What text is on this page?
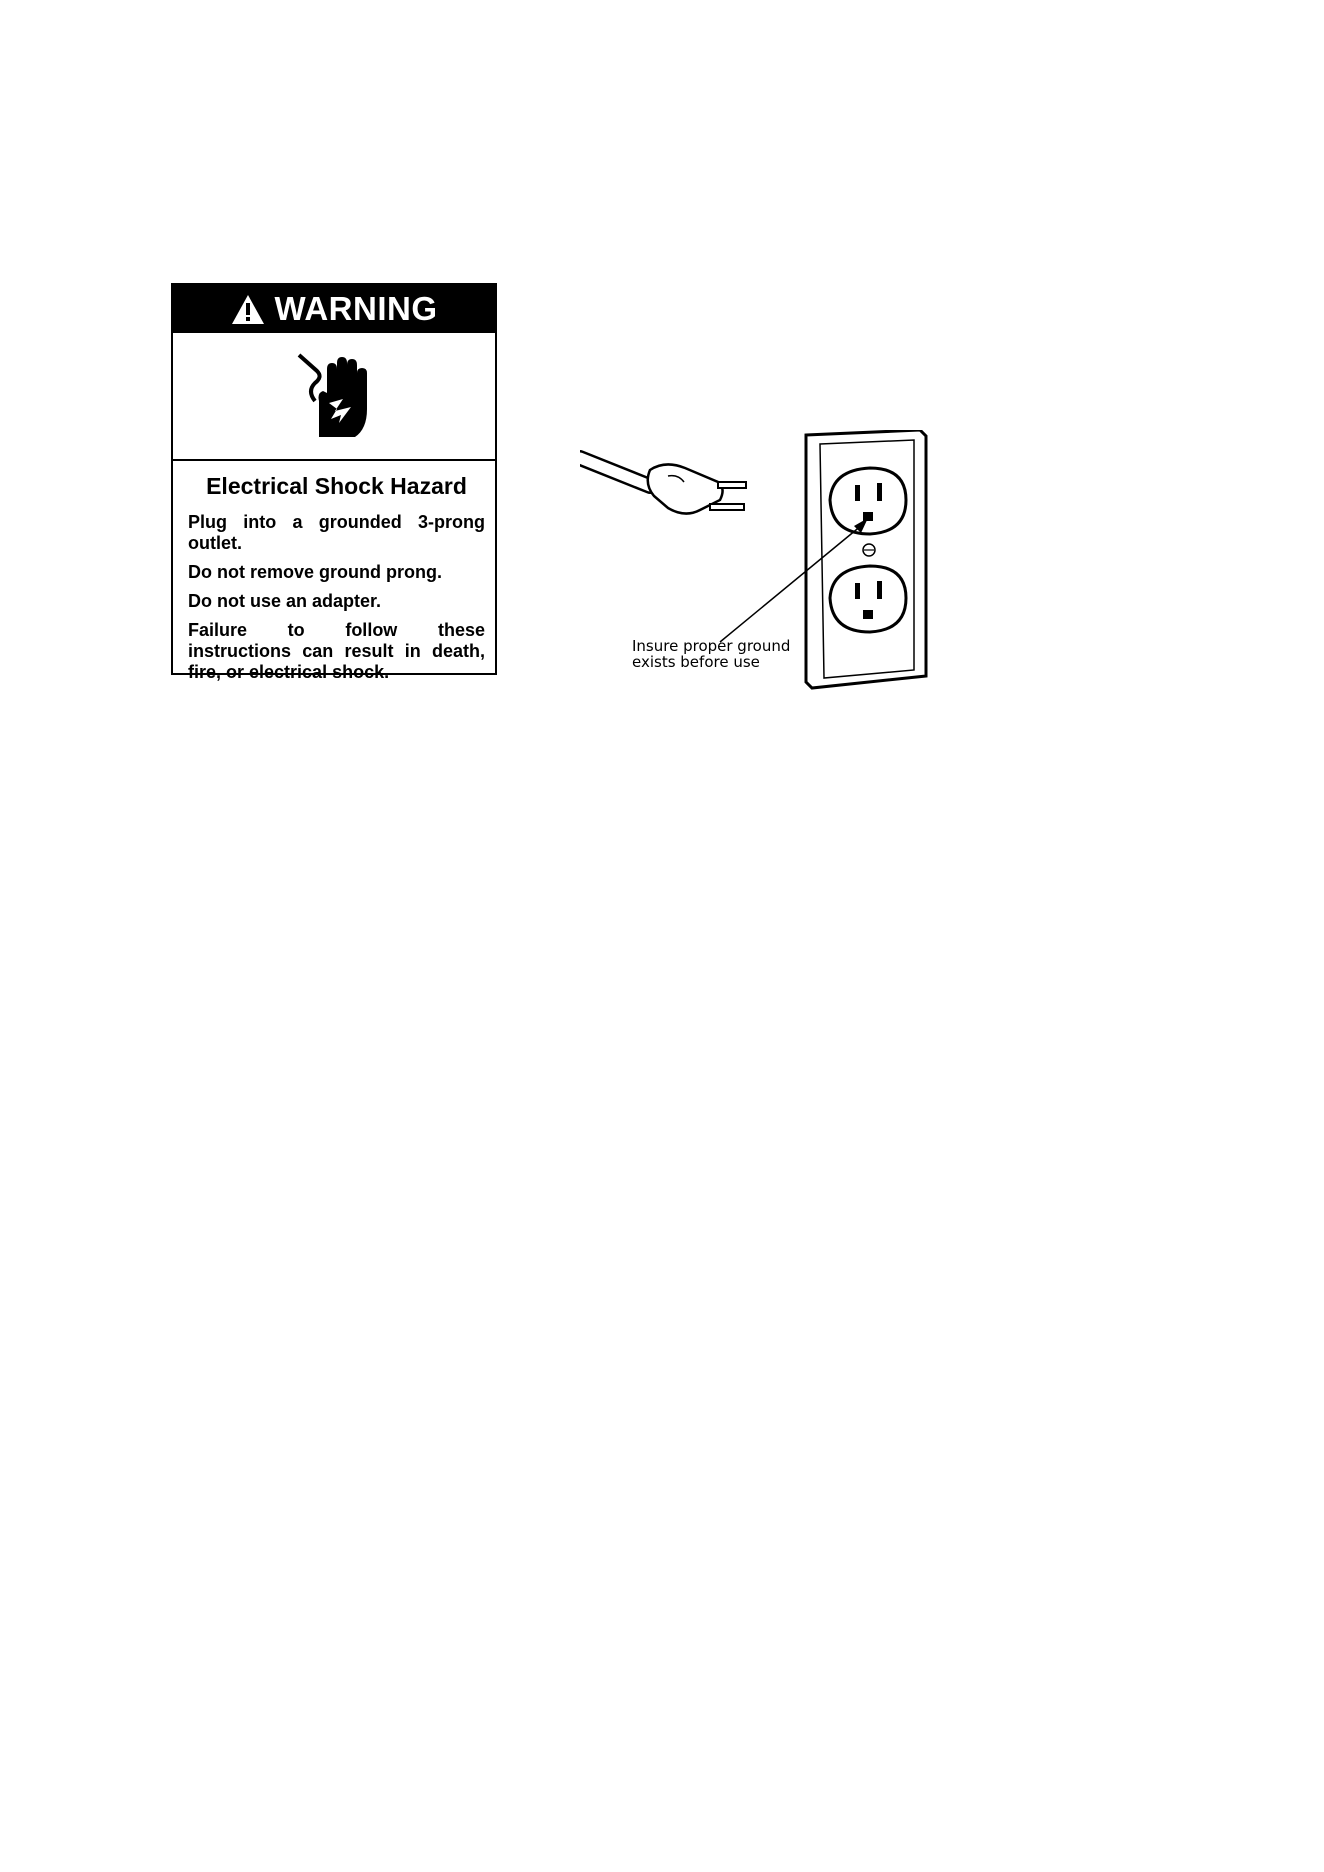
WARNING
Electrical Shock Hazard

Plug into a grounded 3-prong outlet.

Do not remove ground prong.

Do not use an adapter.

Failure to follow these instructions can result in death, fire, or electrical shock.

Insure proper ground exists before use
